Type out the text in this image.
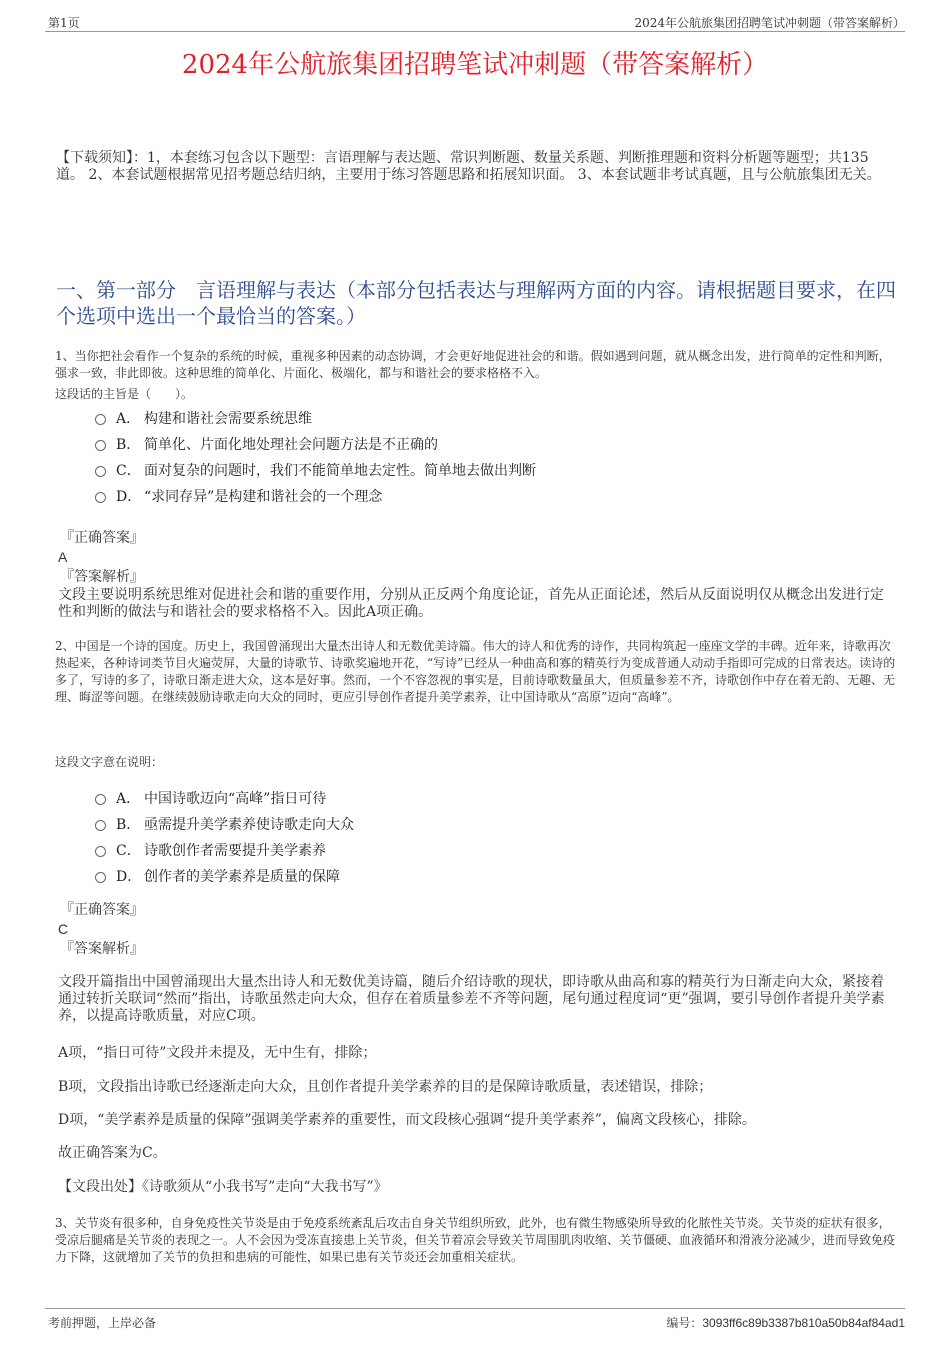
第1页	2024年公航旅集团招聘笔试冲刺题（带答案解析）
2024年公航旅集团招聘笔试冲刺题（带答案解析）
【下载须知】：1，本套练习包含以下题型：言语理解与表达题、常识判断题、数量关系题、判断推理题和资料分析题等题型；共135道。 2、本套试题根据常见招考题总结归纳，主要用于练习答题思路和拓展知识面。 3、本套试题非考试真题，且与公航旅集团无关。
一、第一部分　言语理解与表达（本部分包括表达与理解两方面的内容。请根据题目要求，在四个选项中选出一个最恰当的答案。）
1、当你把社会看作一个复杂的系统的时候，重视多种因素的动态协调，才会更好地促进社会的和谐。假如遇到问题，就从概念出发，进行简单的定性和判断，强求一致，非此即彼。这种思维的简单化、片面化、极端化，都与和谐社会的要求格格不入。
这段话的主旨是（　　）。
A． 构建和谐社会需要系统思维
B． 简单化、片面化地处理社会问题方法是不正确的
C． 面对复杂的问题时，我们不能简单地去定性。简单地去做出判断
D． “求同存异”是构建和谐社会的一个理念
『正确答案』
A
『答案解析』
文段主要说明系统思维对促进社会和谐的重要作用，分别从正反两个角度论证，首先从正面论述，然后从反面说明仅从概念出发进行定性和判断的做法与和谐社会的要求格格不入。因此A项正确。
2、中国是一个诗的国度。历史上，我国曾涌现出大量杰出诗人和无数优美诗篇。伟大的诗人和优秀的诗作，共同构筑起一座座文学的丰碑。近年来，诗歌再次热起来，各种诗词类节目火遍荧屏，大量的诗歌节、诗歌奖遍地开花，“写诗”已经从一种曲高和寡的精英行为变成普通人动动手指即可完成的日常表达。读诗的多了，写诗的多了，诗歌日渐走进大众，这本是好事。然而，一个不容忽视的事实是，目前诗歌数量虽大，但质量参差不齐，诗歌创作中存在着无韵、无趣、无理、晦涩等问题。在继续鼓励诗歌走向大众的同时，更应引导创作者提升美学素养，让中国诗歌从“高原”迈向“高峰”。
这段文字意在说明：
A． 中国诗歌迈向“高峰”指日可待
B． 亟需提升美学素养使诗歌走向大众
C． 诗歌创作者需要提升美学素养
D． 创作者的美学素养是质量的保障
『正确答案』
C
『答案解析』
文段开篇指出中国曾涌现出大量杰出诗人和无数优美诗篇，随后介绍诗歌的现状，即诗歌从曲高和寡的精英行为日渐走向大众，紧接着通过转折关联词“然而”指出，诗歌虽然走向大众，但存在着质量参差不齐等问题，尾句通过程度词“更”强调，要引导创作者提升美学素养，以提高诗歌质量，对应C项。
A项，“指日可待”文段并未提及，无中生有，排除；
B项，文段指出诗歌已经逐渐走向大众，且创作者提升美学素养的目的是保障诗歌质量，表述错误，排除；
D项，“美学素养是质量的保障”强调美学素养的重要性，而文段核心强调“提升美学素养”，偏离文段核心，排除。
故正确答案为C。
【文段出处】《诗歌须从“小我书写”走向“大我书写”》
3、关节炎有很多种，自身免疫性关节炎是由于免疫系统紊乱后攻击自身关节组织所致，此外，也有微生物感染所导致的化脓性关节炎。关节炎的症状有很多，受凉后腿痛是关节炎的表现之一。人不会因为受冻直接患上关节炎，但关节着凉会导致关节周围肌肉收缩、关节僵硬、血液循环和滑液分泌减少，进而导致免疫力下降，这就增加了关节的负担和患病的可能性，如果已患有关节炎还会加重相关症状。
考前押题，上岸必备	编号：3093ff6c89b3387b810a50b84af84ad1
